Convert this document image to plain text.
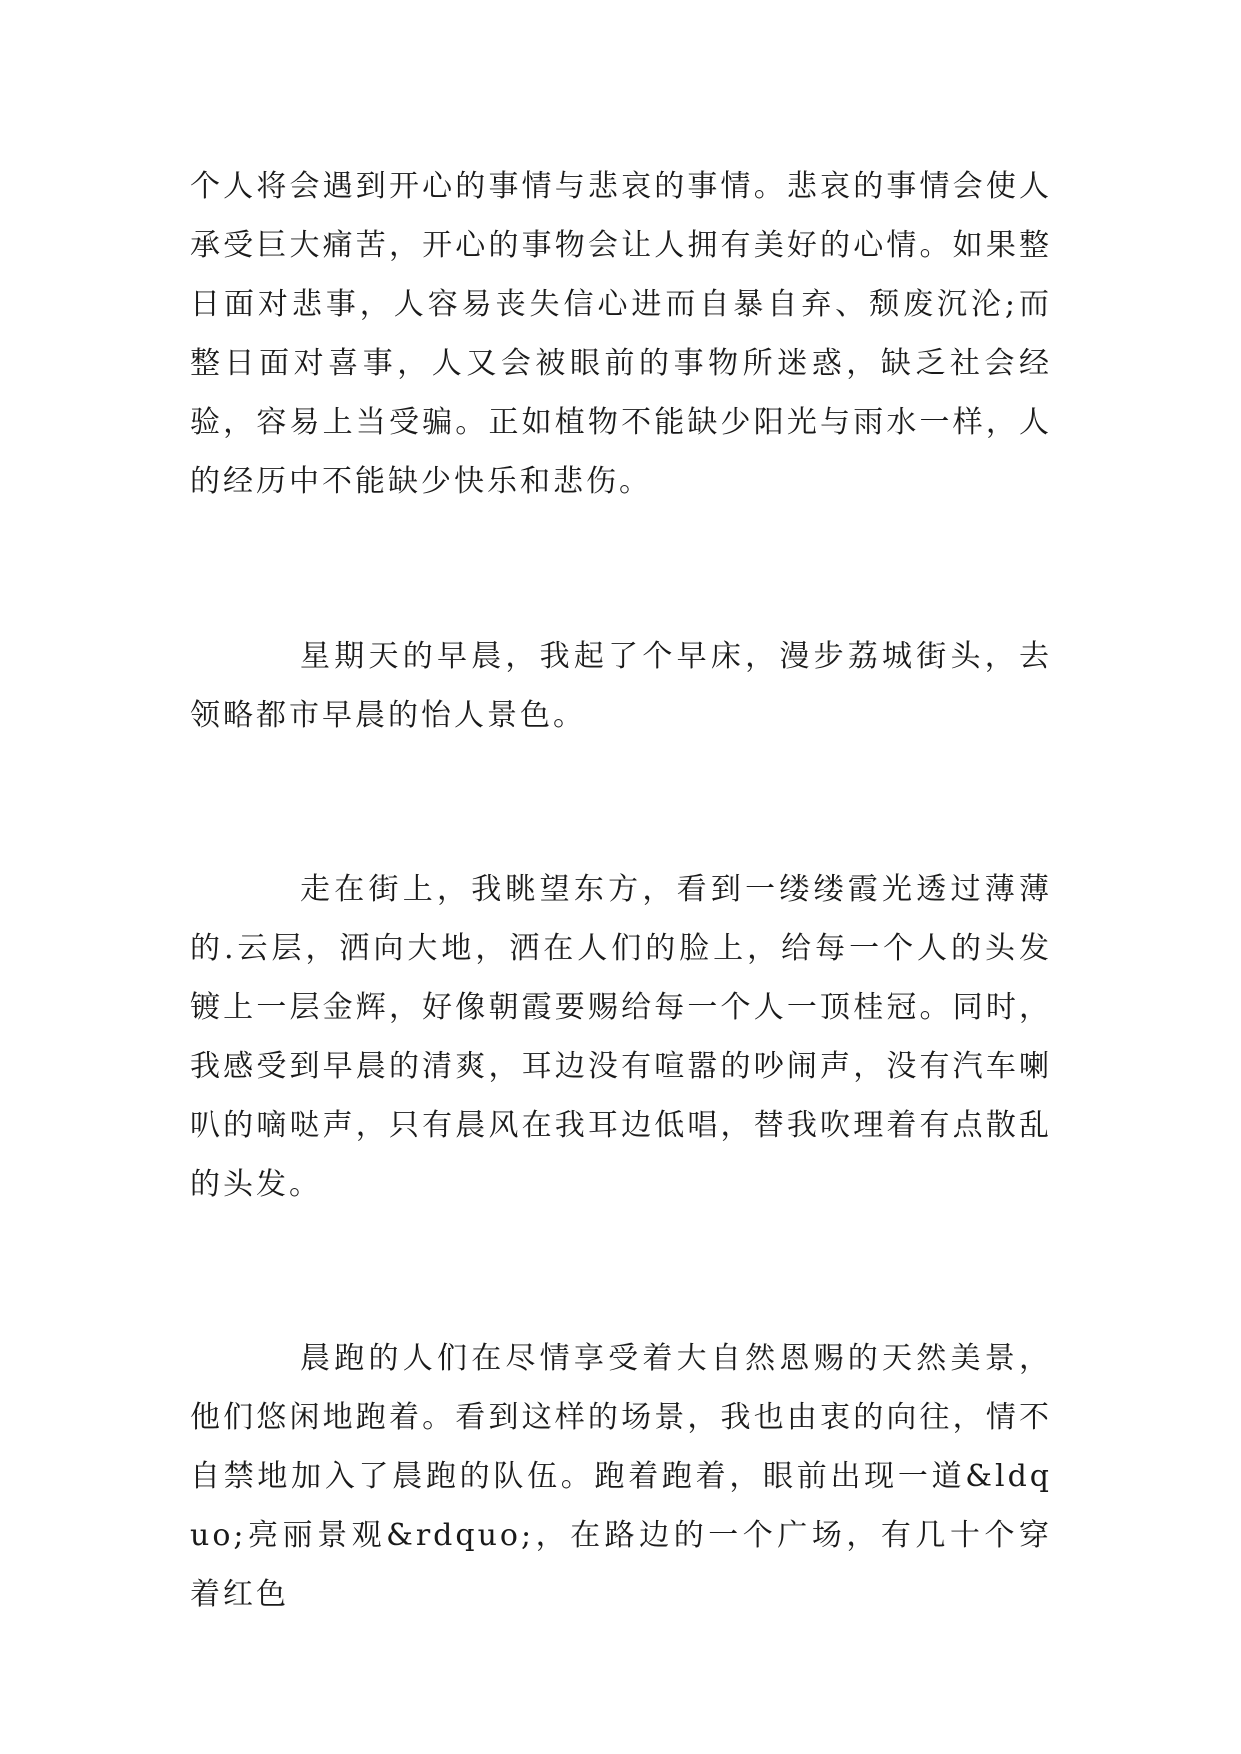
个人将会遇到开心的事情与悲哀的事情。悲哀的事情会使人承受巨大痛苦，开心的事物会让人拥有美好的心情。如果整日面对悲事，人容易丧失信心进而自暴自弃、颓废沉沦;而整日面对喜事，人又会被眼前的事物所迷惑，缺乏社会经验，容易上当受骗。正如植物不能缺少阳光与雨水一样，人的经历中不能缺少快乐和悲伤。

星期天的早晨，我起了个早床，漫步荔城街头，去领略都市早晨的怡人景色。

走在街上，我眺望东方，看到一缕缕霞光透过薄薄的.云层，洒向大地，洒在人们的脸上，给每一个人的头发镀上一层金辉，好像朝霞要赐给每一个人一顶桂冠。同时，我感受到早晨的清爽，耳边没有喧嚣的吵闹声，没有汽车喇叭的嘀哒声，只有晨风在我耳边低唱，替我吹理着有点散乱的头发。

晨跑的人们在尽情享受着大自然恩赐的天然美景，他们悠闲地跑着。看到这样的场景，我也由衷的向往，情不自禁地加入了晨跑的队伍。跑着跑着，眼前出现一道&ldquo;亮丽景观&rdquo;，在路边的一个广场，有几十个穿着红色
